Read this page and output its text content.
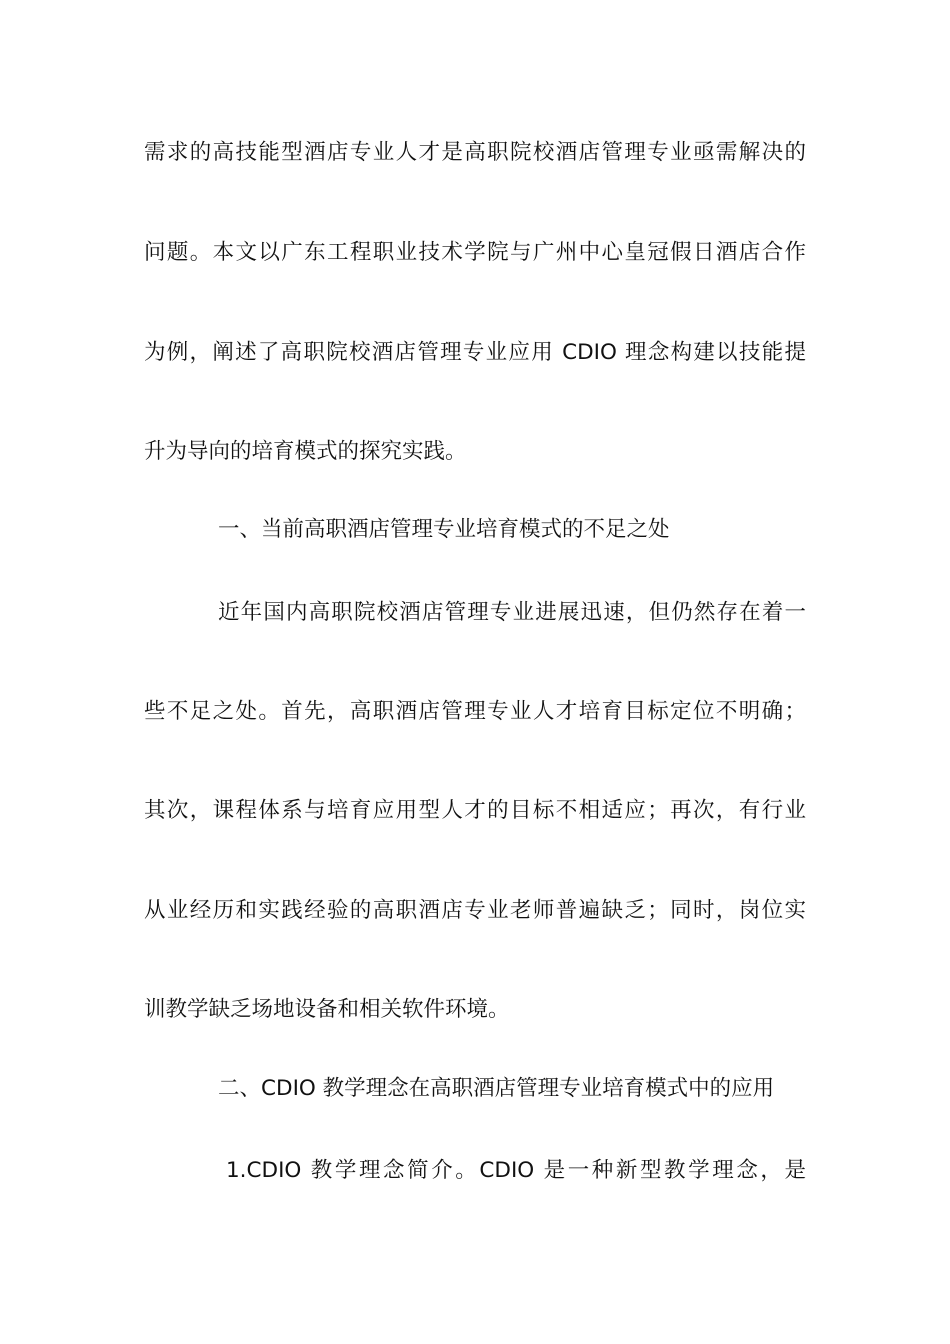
需求的高技能型酒店专业人才是高职院校酒店管理专业亟需解决的
问题。本文以广东工程职业技术学院与广州中心皇冠假日酒店合作
为例，阐述了高职院校酒店管理专业应用 CDIO 理念构建以技能提
升为导向的培育模式的探究实践。
一、当前高职酒店管理专业培育模式的不足之处
近年国内高职院校酒店管理专业进展迅速，但仍然存在着一
些不足之处。首先，高职酒店管理专业人才培育目标定位不明确；
其次，课程体系与培育应用型人才的目标不相适应；再次，有行业
从业经历和实践经验的高职酒店专业老师普遍缺乏；同时，岗位实
训教学缺乏场地设备和相关软件环境。
二、CDIO 教学理念在高职酒店管理专业培育模式中的应用
1.CDIO 教学理念简介。CDIO 是一种新型教学理念，是
